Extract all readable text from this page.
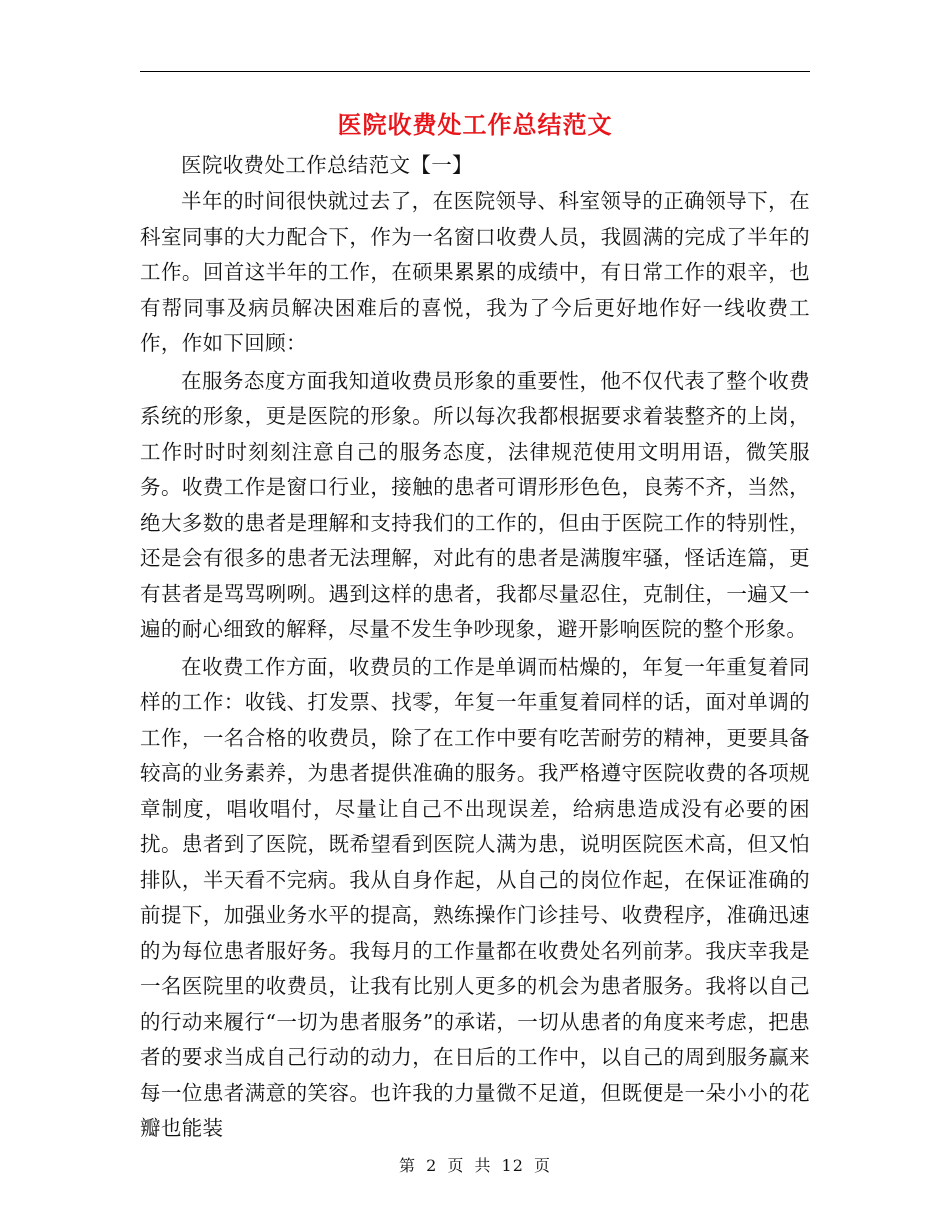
医院收费处工作总结范文

医院收费处工作总结范文【一】

半年的时间很快就过去了，在医院领导、科室领导的正确领导下，在科室同事的大力配合下，作为一名窗口收费人员，我圆满的完成了半年的工作。回首这半年的工作，在硕果累累的成绩中，有日常工作的艰辛，也有帮同事及病员解决困难后的喜悦，我为了今后更好地作好一线收费工作，作如下回顾：

在服务态度方面我知道收费员形象的重要性，他不仅代表了整个收费系统的形象，更是医院的形象。所以每次我都根据要求着装整齐的上岗，工作时时时刻刻注意自己的服务态度，法律规范使用文明用语，微笑服务。收费工作是窗口行业，接触的患者可谓形形色色，良莠不齐，当然，绝大多数的患者是理解和支持我们的工作的，但由于医院工作的特别性，还是会有很多的患者无法理解，对此有的患者是满腹牢骚，怪话连篇，更有甚者是骂骂咧咧。遇到这样的患者，我都尽量忍住，克制住，一遍又一遍的耐心细致的解释，尽量不发生争吵现象，避开影响医院的整个形象。

在收费工作方面，收费员的工作是单调而枯燥的，年复一年重复着同样的工作：收钱、打发票、找零，年复一年重复着同样的话，面对单调的工作，一名合格的收费员，除了在工作中要有吃苦耐劳的精神，更要具备较高的业务素养，为患者提供准确的服务。我严格遵守医院收费的各项规章制度，唱收唱付，尽量让自己不出现误差，给病患造成没有必要的困扰。患者到了医院，既希望看到医院人满为患，说明医院医术高，但又怕排队，半天看不完病。我从自身作起，从自己的岗位作起，在保证准确的前提下，加强业务水平的提高，熟练操作门诊挂号、收费程序，准确迅速的为每位患者服好务。我每月的工作量都在收费处名列前茅。我庆幸我是一名医院里的收费员，让我有比别人更多的机会为患者服务。我将以自己的行动来履行“一切为患者服务”的承诺，一切从患者的角度来考虑，把患者的要求当成自己行动的动力，在日后的工作中，以自己的周到服务赢来每一位患者满意的笑容。也许我的力量微不足道，但既便是一朵小小的花瓣也能装

第 2 页 共 12 页
